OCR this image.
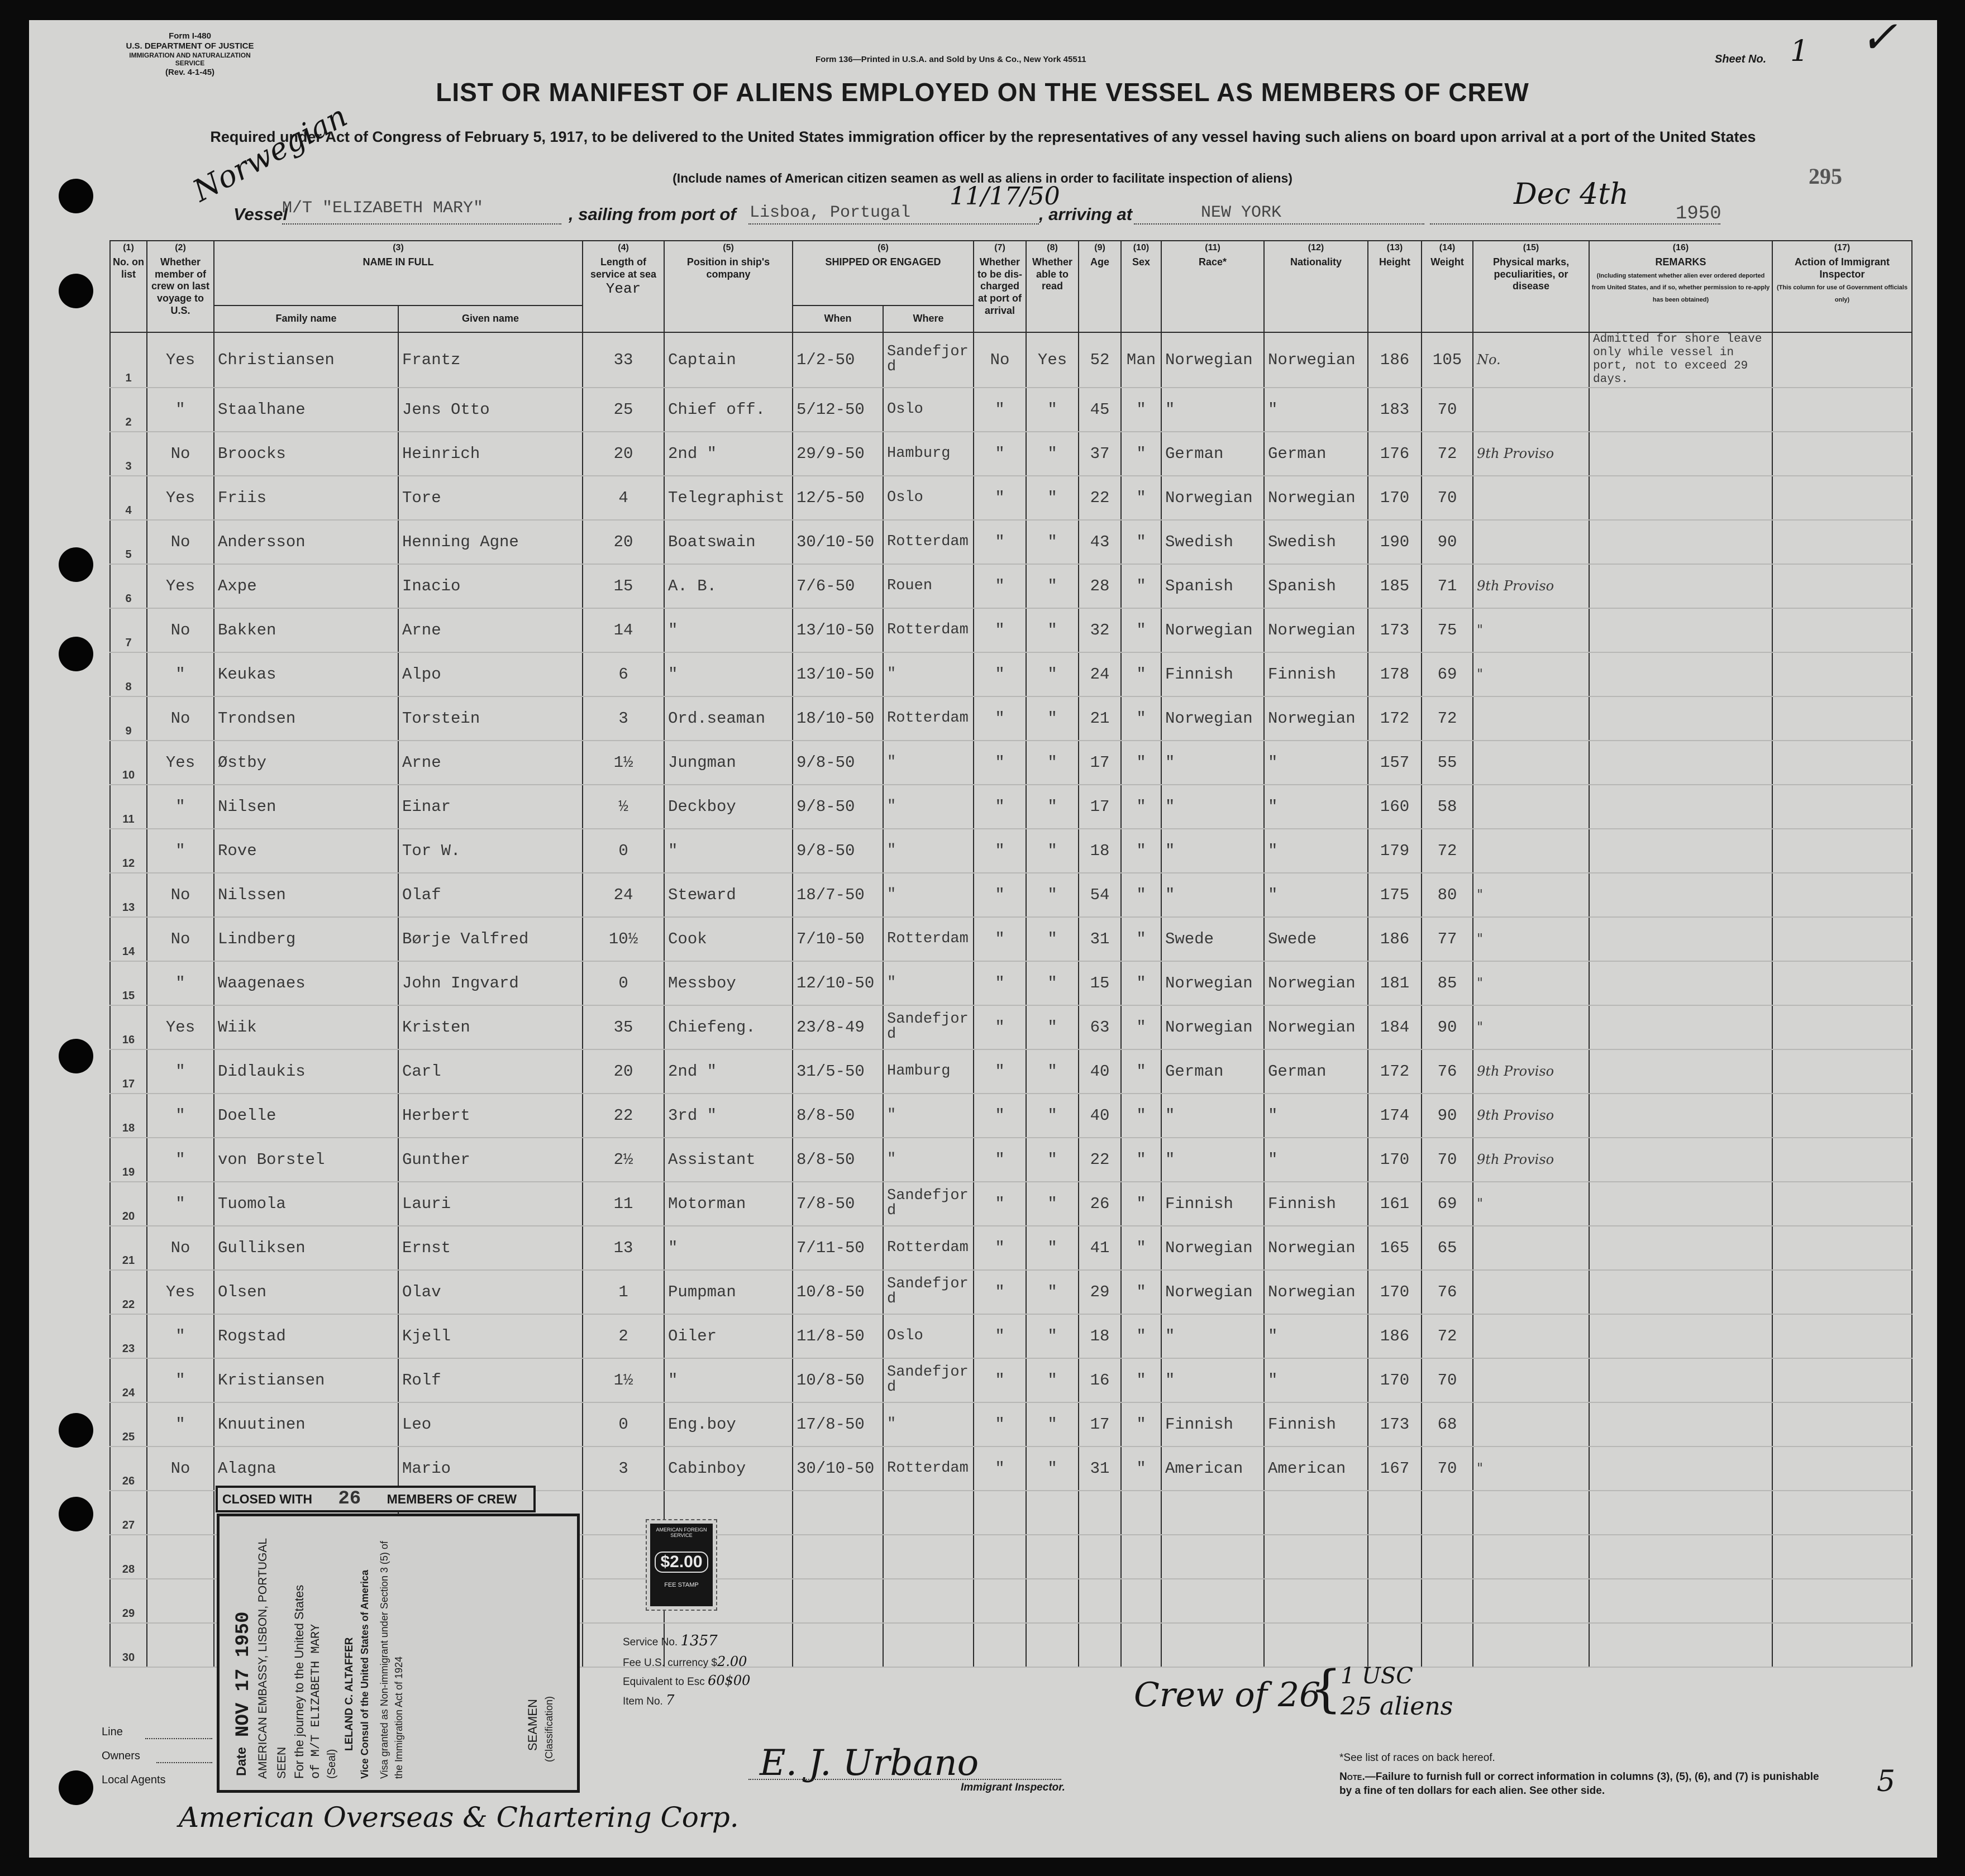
Form I-480
U.S. DEPARTMENT OF JUSTICE
IMMIGRATION AND NATURALIZATION SERVICE
(Rev. 4-1-45)
Form 136—Printed in U.S.A. and Sold by Uns & Co., New York 45511	Sheet No. 1 ✓
LIST OR MANIFEST OF ALIENS EMPLOYED ON THE VESSEL AS MEMBERS OF CREW
Required under Act of Congress of February 5, 1917, to be delivered to the United States immigration officer by the representatives of any vessel having such aliens on board upon arrival at a port of the United States
(Include names of American citizen seamen as well as aliens in order to facilitate inspection of aliens)	295
Norwegian
Vessel
M/T "ELIZABETH MARY"	, sailing from port of Lisboa, Portugal
11/17/50
, arriving at	NEW YORK
Dec 4th
1950
(1)
No. on list	(2)
Whether member of crew on last voyage to U.S.	(3)
NAME IN FULL		(4)
Length of service at sea
Year	(5)
Position in ship's company	(6)
SHIPPED OR ENGAGED		(7)
Whether to be dis-charged at port of arrival	(8)
Whether able to read	(9)
Age	(10)
Sex	(11)
Race*	(12)
Nationality	(13)
Height	(14)
Weight	(15)
Physical marks, peculiarities, or disease	(16)
REMARKS
(Including statement whether alien ever ordered deported from United States, and if so, whether permission to re-apply has been obtained)	(17)
Action of Immigrant Inspector
(This column for use of Government officials only)
		Family name	Given name			When	Where											
1	Yes	Christiansen	Frantz	33	Captain	1/2-50	Sandefjord	No	Yes	52	Man	Norwegian	Norwegian	186	105	No.	Admitted for shore leave only while vessel in port, not to exceed 29 days.	
2	"	Staalhane	Jens Otto	25	Chief off.	5/12-50	Oslo	"	"	45	"	"	"	183	70			
3	No	Broocks	Heinrich	20	2nd "	29/9-50	Hamburg	"	"	37	"	German	German	176	72	9th Proviso		
4	Yes	Friis	Tore	4	Telegraphist	12/5-50	Oslo	"	"	22	"	Norwegian	Norwegian	170	70			
5	No	Andersson	Henning Agne	20	Boatswain	30/10-50	Rotterdam	"	"	43	"	Swedish	Swedish	190	90			
6	Yes	Axpe	Inacio	15	A. B.	7/6-50	Rouen	"	"	28	"	Spanish	Spanish	185	71	9th Proviso		
7	No	Bakken	Arne	14	"	13/10-50	Rotterdam	"	"	32	"	Norwegian	Norwegian	173	75	"		
8	"	Keukas	Alpo	6	"	13/10-50	"	"	"	24	"	Finnish	Finnish	178	69	"		
9	No	Trondsen	Torstein	3	Ord.seaman	18/10-50	Rotterdam	"	"	21	"	Norwegian	Norwegian	172	72			
10	Yes	Østby	Arne	1½	Jungman	9/8-50	"	"	"	17	"	"	"	157	55			
11	"	Nilsen	Einar	½	Deckboy	9/8-50	"	"	"	17	"	"	"	160	58			
12	"	Rove	Tor W.	0	"	9/8-50	"	"	"	18	"	"	"	179	72			
13	No	Nilssen	Olaf	24	Steward	18/7-50	"	"	"	54	"	"	"	175	80	"		
14	No	Lindberg	Børje Valfred	10½	Cook	7/10-50	Rotterdam	"	"	31	"	Swede	Swede	186	77	"		
15	"	Waagenaes	John Ingvard	0	Messboy	12/10-50	"	"	"	15	"	Norwegian	Norwegian	181	85	"		
16	Yes	Wiik	Kristen	35	Chiefeng.	23/8-49	Sandefjord	"	"	63	"	Norwegian	Norwegian	184	90	"		
17	"	Didlaukis	Carl	20	2nd "	31/5-50	Hamburg	"	"	40	"	German	German	172	76	9th Proviso		
18	"	Doelle	Herbert	22	3rd "	8/8-50	"	"	"	40	"	"	"	174	90	9th Proviso		
19	"	von Borstel	Gunther	2½	Assistant	8/8-50	"	"	"	22	"	"	"	170	70	9th Proviso		
20	"	Tuomola	Lauri	11	Motorman	7/8-50	Sandefjord	"	"	26	"	Finnish	Finnish	161	69	"		
21	No	Gulliksen	Ernst	13	"	7/11-50	Rotterdam	"	"	41	"	Norwegian	Norwegian	165	65			
22	Yes	Olsen	Olav	1	Pumpman	10/8-50	Sandefjord	"	"	29	"	Norwegian	Norwegian	170	76			
23	"	Rogstad	Kjell	2	Oiler	11/8-50	Oslo	"	"	18	"	"	"	186	72			
24	"	Kristiansen	Rolf	1½	"	10/8-50	Sandefjord	"	"	16	"	"	"	170	70			
25	"	Knuutinen	Leo	0	Eng.boy	17/8-50	"	"	"	17	"	Finnish	Finnish	173	68			
26	No	Alagna	Mario	3	Cabinboy	30/10-50	Rotterdam	"	"	31	"	American	American	167	70	"		
27																		
28																		
29																		
30																		
CLOSED WITH 26 MEMBERS OF CREW
Date
NOV 17 1950 AMERICAN EMBASSY, LISBON, PORTUGAL SEEN For the journey to the United States of M/T ELIZABETH MARY (Seal)
LELAND C. ALTAFFER Vice Consul of the United States of America Visa granted as Non-immigrant under Section 3 (5) of the Immigration Act of 1924	SEAMEN (Classification)
AMERICAN FOREIGN SERVICE
$2.00
FEE STAMP
Service No. 1357
Fee U.S. currency $2.00
Equivalent to Esc 60$00
Item No. 7	Crew of 26
{
1 USC
25 aliens
Line
Owners
Local Agents
American Overseas & Chartering Corp.
E. J. Urbano
Immigrant Inspector.
*See list of races on back hereof.
Note.—Failure to furnish full or correct information in columns (3), (5), (6), and (7) is punishable by a fine of ten dollars for each alien. See other side.	5
